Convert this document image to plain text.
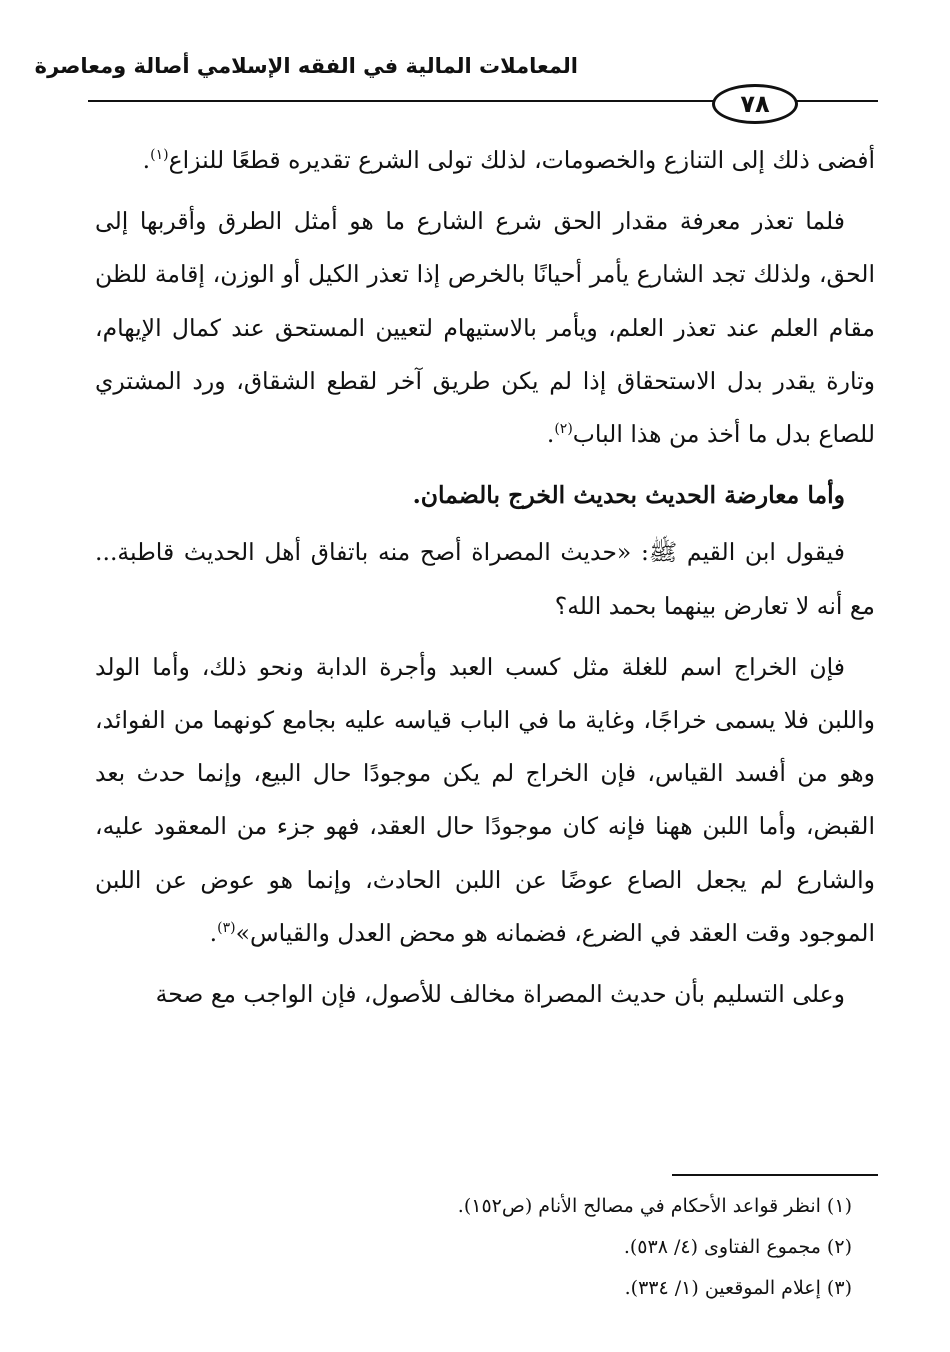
المعاملات المالية في الفقه الإسلامي أصالة ومعاصرة
٧٨

أفضى ذلك إلى التنازع والخصومات، لذلك تولى الشرع تقديره قطعًا للنزاع$^{(١)}$.

فلما تعذر معرفة مقدار الحق شرع الشارع ما هو أمثل الطرق وأقربها إلى الحق، ولذلك تجد الشارع يأمر أحيانًا بالخرص إذا تعذر الكيل أو الوزن، إقامة للظن مقام العلم عند تعذر العلم، ويأمر بالاستيهام لتعيين المستحق عند كمال الإيهام، وتارة يقدر بدل الاستحقاق إذا لم يكن طريق آخر لقطع الشقاق، ورد المشتري للصاع بدل ما أخذ من هذا الباب$^{(٢)}$.

وأما معارضة الحديث بحديث الخرج بالضمان.

فيقول ابن القيم ﷺ: «حديث المصراة أصح منه باتفاق أهل الحديث قاطبة... مع أنه لا تعارض بينهما بحمد الله؟

فإن الخراج اسم للغلة مثل كسب العبد وأجرة الدابة ونحو ذلك، وأما الولد واللبن فلا يسمى خراجًا، وغاية ما في الباب قياسه عليه بجامع كونهما من الفوائد، وهو من أفسد القياس، فإن الخراج لم يكن موجودًا حال البيع، وإنما حدث بعد القبض، وأما اللبن ههنا فإنه كان موجودًا حال العقد، فهو جزء من المعقود عليه، والشارع لم يجعل الصاع عوضًا عن اللبن الحادث، وإنما هو عوض عن اللبن الموجود وقت العقد في الضرع، فضمانه هو محض العدل والقياس»$^{(٣)}$.

وعلى التسليم بأن حديث المصراة مخالف للأصول، فإن الواجب مع صحة

(١) انظر قواعد الأحكام في مصالح الأنام (ص١٥٢).

(٢) مجموع الفتاوى (٤/ ٥٣٨).

(٣) إعلام الموقعين (١/ ٣٣٤).
